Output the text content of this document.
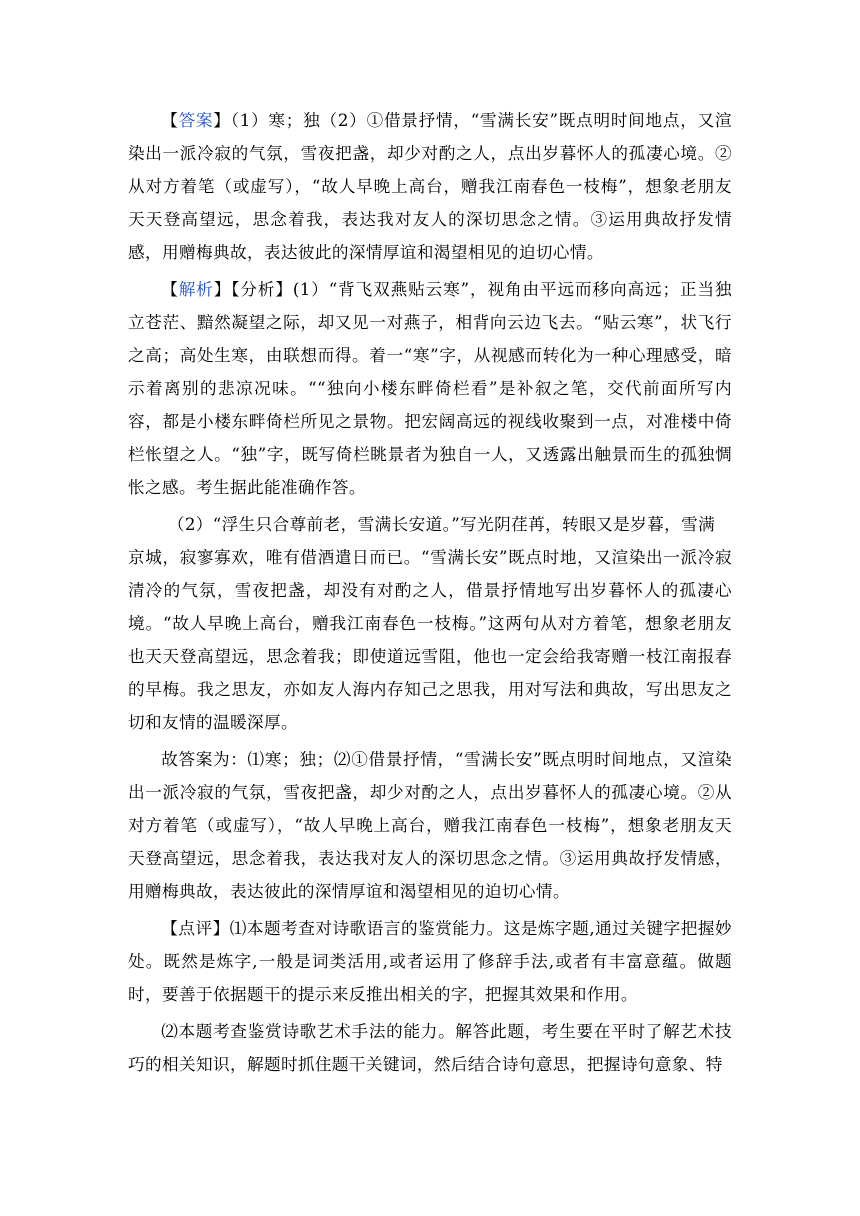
【答案】（1）寒；独（2）①借景抒情，“雪满长安”既点明时间地点，又渲染出一派冷寂的气氛，雪夜把盏，却少对酌之人，点出岁暮怀人的孤凄心境。②从对方着笔（或虚写），“故人早晚上高台，赠我江南春色一枝梅”，想象老朋友天天登高望远，思念着我，表达我对友人的深切思念之情。③运用典故抒发情感，用赠梅典故，表达彼此的深情厚谊和渴望相见的迫切心情。

【解析】【分析】(1）“背飞双燕贴云寒”，视角由平远而移向高远；正当独立苍茫、黯然凝望之际，却又见一对燕子，相背向云边飞去。“贴云寒”，状飞行之高；高处生寒，由联想而得。着一“寒”字，从视感而转化为一种心理感受，暗示着离别的悲凉况味。““独向小楼东畔倚栏看”是补叙之笔，交代前面所写内容，都是小楼东畔倚栏所见之景物。把宏阔高远的视线收聚到一点，对准楼中倚栏怅望之人。“独”字，既写倚栏眺景者为独自一人，又透露出触景而生的孤独惆怅之感。考生据此能准确作答。

（2）“浮生只合尊前老，雪满长安道。”写光阴荏苒，转眼又是岁暮，雪满
京城，寂寥寡欢，唯有借酒遣日而已。“雪满长安”既点时地，又渲染出一派冷寂清冷的气氛，雪夜把盏，却没有对酌之人，借景抒情地写出岁暮怀人的孤凄心境。“故人早晚上高台，赠我江南春色一枝梅。”这两句从对方着笔，想象老朋友也天天登高望远，思念着我；即使道远雪阻，他也一定会给我寄赠一枝江南报春的早梅。我之思友，亦如友人海内存知己之思我，用对写法和典故，写出思友之切和友情的温暖深厚。

故答案为：⑴寒；独；⑵①借景抒情，“雪满长安”既点明时间地点，又渲染出一派冷寂的气氛，雪夜把盏，却少对酌之人，点出岁暮怀人的孤凄心境。②从对方着笔（或虚写），“故人早晚上高台，赠我江南春色一枝梅”，想象老朋友天天登高望远，思念着我，表达我对友人的深切思念之情。③运用典故抒发情感，用赠梅典故，表达彼此的深情厚谊和渴望相见的迫切心情。

【点评】⑴本题考查对诗歌语言的鉴赏能力。这是炼字题,通过关键字把握妙处。既然是炼字,一般是词类活用,或者运用了修辞手法,或者有丰富意蕴。做题时，要善于依据题干的提示来反推出相关的字，把握其效果和作用。

⑵本题考查鉴赏诗歌艺术手法的能力。解答此题，考生要在平时了解艺术技巧的相关知识，解题时抓住题干关键词，然后结合诗句意思，把握诗句意象、特
